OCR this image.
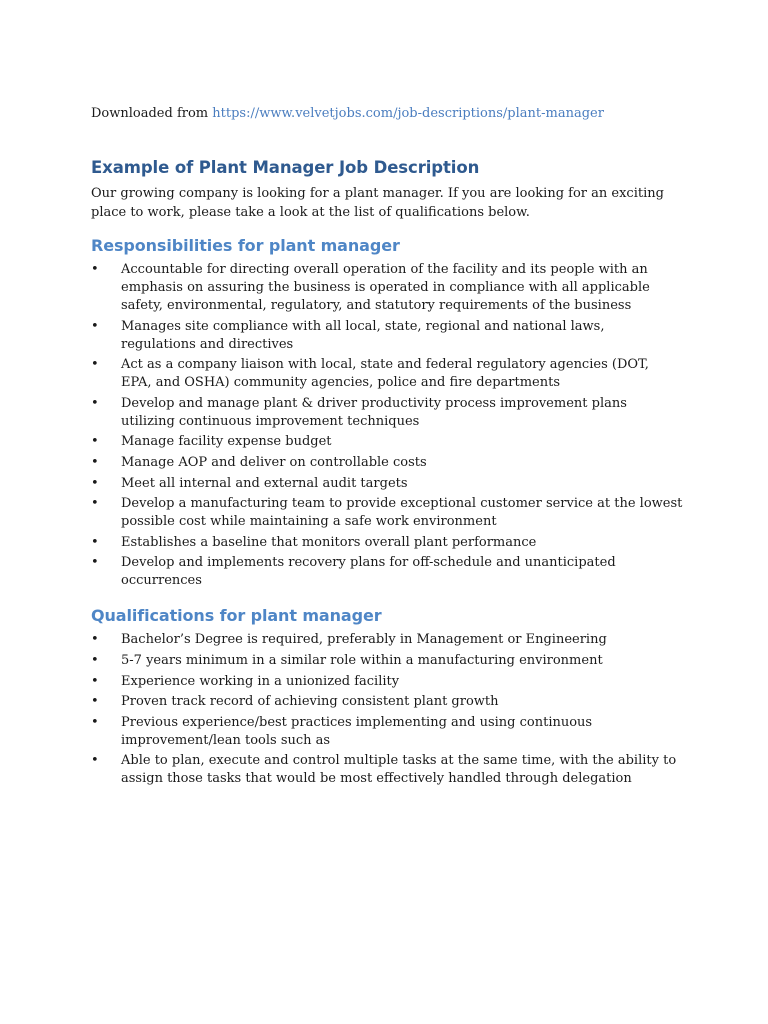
Downloaded from https://www.velvetjobs.com/job-descriptions/plant-manager

Example of Plant Manager Job Description

Our growing company is looking for a plant manager. If you are looking for an exciting place to work, please take a look at the list of qualifications below.

Responsibilities for plant manager
• Accountable for directing overall operation of the facility and its people with an emphasis on assuring the business is operated in compliance with all applicable safety, environmental, regulatory, and statutory requirements of the business
• Manages site compliance with all local, state, regional and national laws, regulations and directives
• Act as a company liaison with local, state and federal regulatory agencies (DOT, EPA, and OSHA) community agencies, police and fire departments
• Develop and manage plant & driver productivity process improvement plans utilizing continuous improvement techniques
• Manage facility expense budget
• Manage AOP and deliver on controllable costs
• Meet all internal and external audit targets
• Develop a manufacturing team to provide exceptional customer service at the lowest possible cost while maintaining a safe work environment
• Establishes a baseline that monitors overall plant performance
• Develop and implements recovery plans for off-schedule and unanticipated occurrences
Qualifications for plant manager
• Bachelor’s Degree is required, preferably in Management or Engineering
• 5-7 years minimum in a similar role within a manufacturing environment
• Experience working in a unionized facility
• Proven track record of achieving consistent plant growth
• Previous experience/best practices implementing and using continuous improvement/lean tools such as
• Able to plan, execute and control multiple tasks at the same time, with the ability to assign those tasks that would be most effectively handled through delegation
